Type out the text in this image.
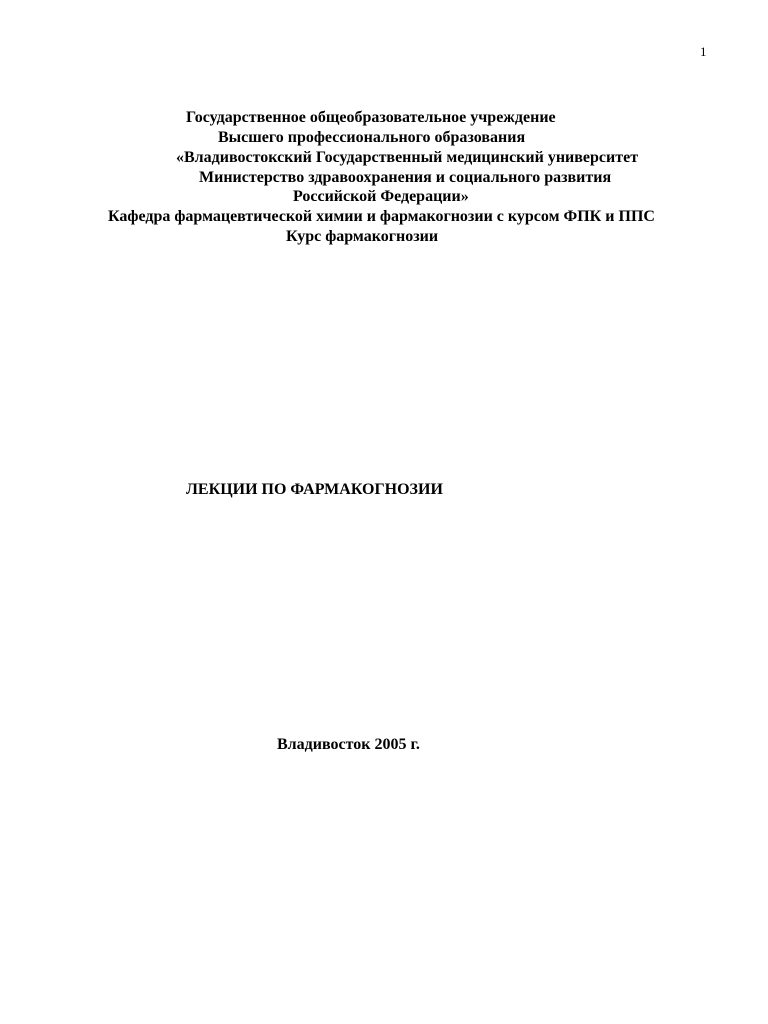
1
Государственное общеобразовательное учреждение
Высшего профессионального образования
«Владивостокский Государственный медицинский университет
Министерство здравоохранения и социального развития
Российской Федерации»
Кафедра фармацевтической химии и фармакогнозии с курсом ФПК и ППС
Курс фармакогнозии
ЛЕКЦИИ ПО ФАРМАКОГНОЗИИ
Владивосток 2005 г.
